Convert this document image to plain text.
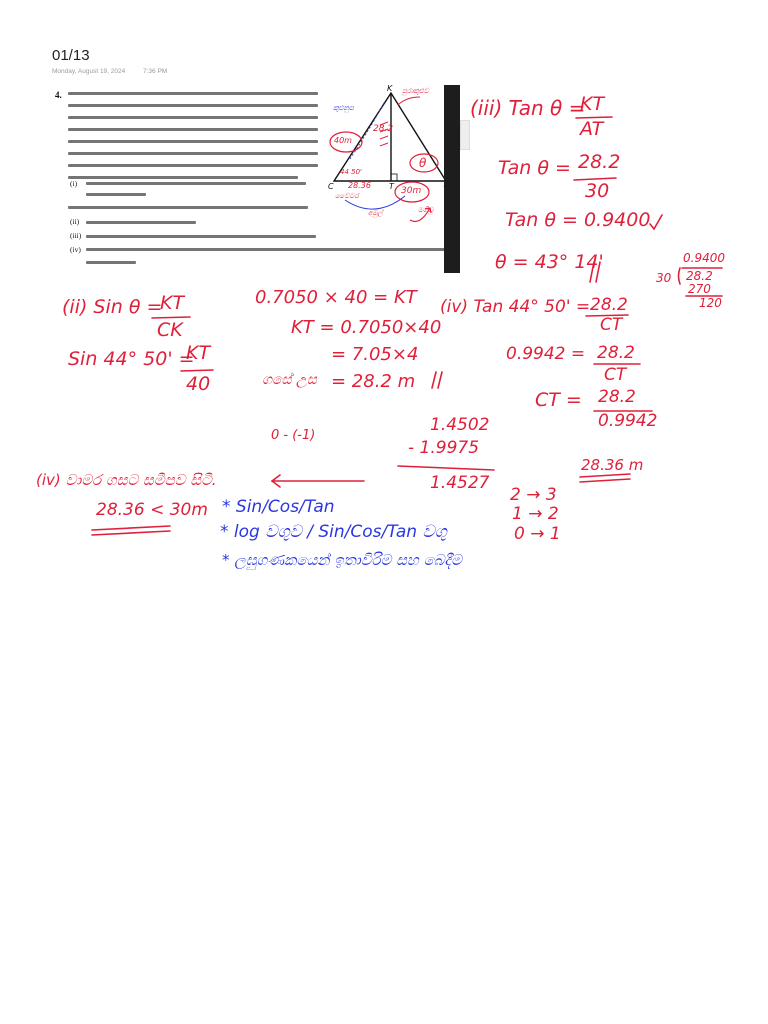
01/13
Monday, August 19, 2024	7:36 PM
4.
(i)
(ii)
(iii)
(iv)
K
C	T
40m
28.2
28.36
30m
θ
44 50'
පුරාකුළුව
කුළුනුප
වෛටර
අමුල්	මගිවු
(iii) Tan θ =
KT
AT
Tan θ = 28.2
30
Tan θ = 0.9400
θ = 43° 14'	0.9400
30 28.2
270
120
(ii) Sin θ =
KT
CK
Sin 44° 50' =
KT
40
0.7050 × 40 = KT
KT = 0.7050×40
= 7.05×4
ගසේ උස = 28.2 m
(iv) Tan 44° 50' = 28.2
CT
0.9942 = 28.2
CT
CT = 28.2
0.9942
28.36 m
1.4502
- 1.9975
1.4527
0 - (-1)
2 → 3
1 → 2
0 → 1
(iv) වාමර ගසට සමීපව සිටී.
28.36 < 30m * Sin/Cos/Tan
* log වගුව / Sin/Cos/Tan වගු
* ලඝුගණකයෙන් ඉතාවිරිම සහ බෙදීම
